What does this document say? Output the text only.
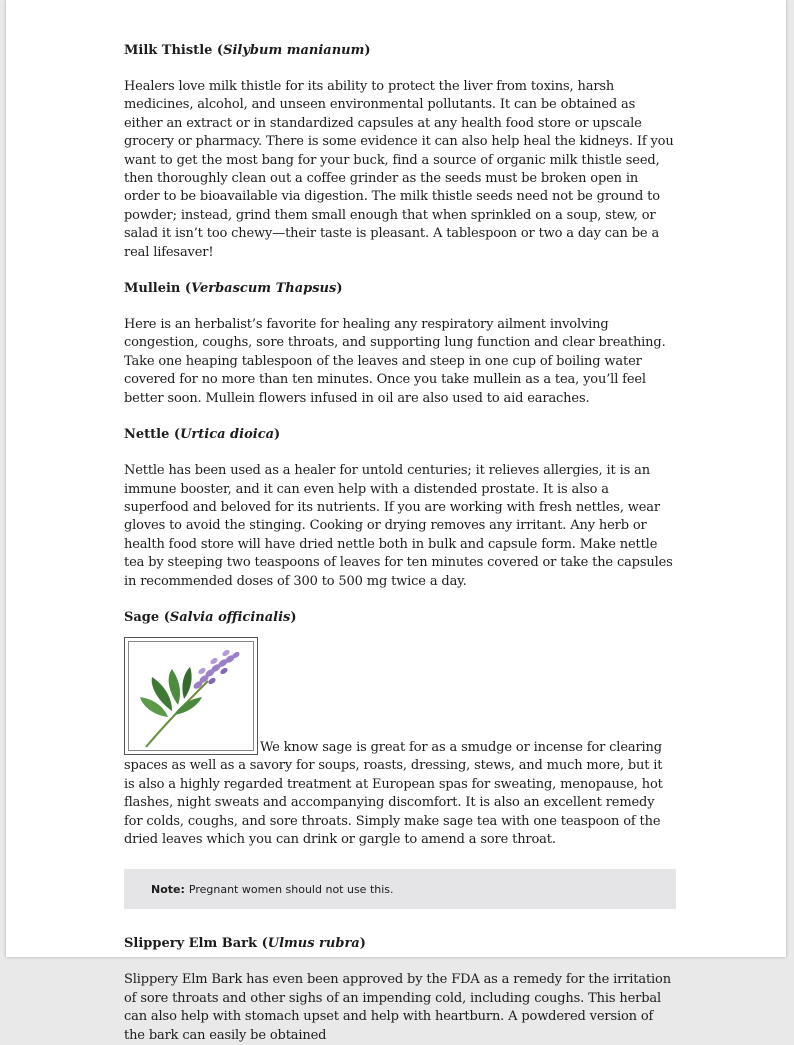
Milk Thistle (Silybum manianum)

Healers love milk thistle for its ability to protect the liver from toxins, harsh medicines, alcohol, and unseen environmental pollutants. It can be obtained as either an extract or in standardized capsules at any health food store or upscale grocery or pharmacy. There is some evidence it can also help heal the kidneys. If you want to get the most bang for your buck, find a source of organic milk thistle seed, then thoroughly clean out a coffee grinder as the seeds must be broken open in order to be bioavailable via digestion. The milk thistle seeds need not be ground to powder; instead, grind them small enough that when sprinkled on a soup, stew, or salad it isn’t too chewy—their taste is pleasant. A tablespoon or two a day can be a real lifesaver!

Mullein (Verbascum Thapsus)

Here is an herbalist’s favorite for healing any respiratory ailment involving congestion, coughs, sore throats, and supporting lung function and clear breathing. Take one heaping tablespoon of the leaves and steep in one cup of boiling water covered for no more than ten minutes. Once you take mullein as a tea, you’ll feel better soon. Mullein flowers infused in oil are also used to aid earaches.

Nettle (Urtica dioica)

Nettle has been used as a healer for untold centuries; it relieves allergies, it is an immune booster, and it can even help with a distended prostate. It is also a superfood and beloved for its nutrients. If you are working with fresh nettles, wear gloves to avoid the stinging. Cooking or drying removes any irritant. Any herb or health food store will have dried nettle both in bulk and capsule form. Make nettle tea by steeping two teaspoons of leaves for ten minutes covered or take the capsules in recommended doses of 300 to 500 mg twice a day.

Sage (Salvia officinalis)

We know sage is great for as a smudge or incense for clearing spaces as well as a savory for soups, roasts, dressing, stews, and much more, but it is also a highly regarded treatment at European spas for sweating, menopause, hot flashes, night sweats and accompanying discomfort. It is also an excellent remedy for colds, coughs, and sore throats. Simply make sage tea with one teaspoon of the dried leaves which you can drink or gargle to amend a sore throat.

Note: Pregnant women should not use this.
Slippery Elm Bark (Ulmus rubra)

Slippery Elm Bark has even been approved by the FDA as a remedy for the irritation of sore throats and other sighs of an impending cold, including coughs. This herbal can also help with stomach upset and help with heartburn. A powdered version of the bark can easily be obtained
